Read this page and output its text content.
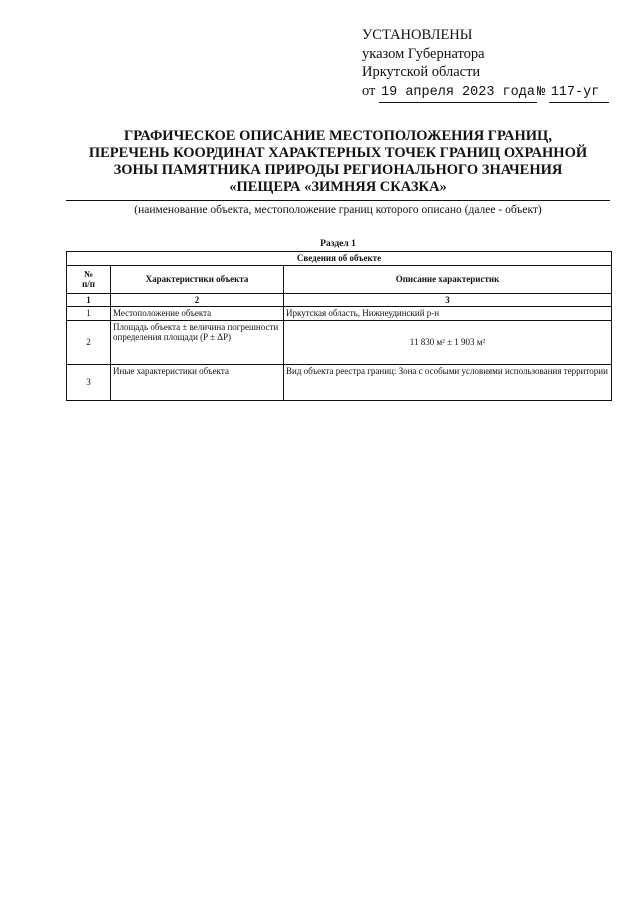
УСТАНОВЛЕНЫ
указом Губернатора
Иркутской области
от 19 апреля 2023 года № 117-уг
ГРАФИЧЕСКОЕ ОПИСАНИЕ МЕСТОПОЛОЖЕНИЯ ГРАНИЦ,
ПЕРЕЧЕНЬ КООРДИНАТ ХАРАКТЕРНЫХ ТОЧЕК ГРАНИЦ ОХРАННОЙ
ЗОНЫ ПАМЯТНИКА ПРИРОДЫ РЕГИОНАЛЬНОГО ЗНАЧЕНИЯ
«ПЕЩЕРА «ЗИМНЯЯ СКАЗКА»
(наименование объекта, местоположение границ которого описано (далее - объект)
Раздел 1
Сведения об объекте		

№
п/п	Характеристики объекта	Описание характеристик
1	2	3
1	Местоположение объекта	Иркутская область, Нижнеудинский р-н
2	Площадь объекта ± величина погрешности определения площади (P ± ΔP)	11 830 м² ± 1 903 м²
3	Иные характеристики объекта	Вид объекта реестра границ: Зона с особыми условиями использования территории
